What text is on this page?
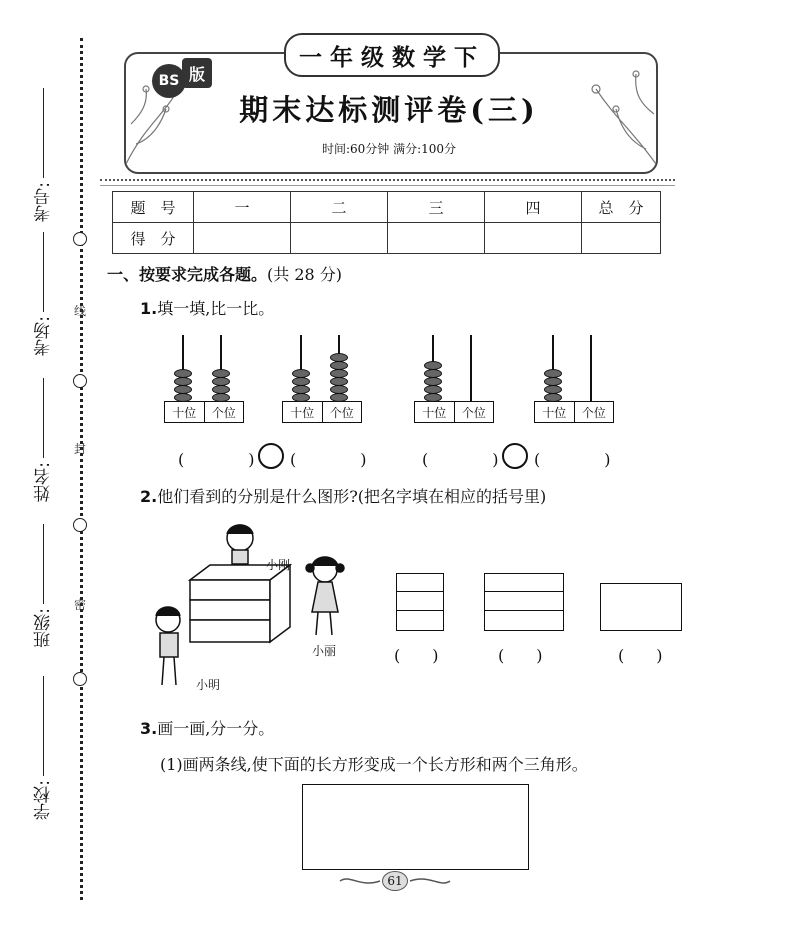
线
封
密
考号:
考场:
姓名:
班级:
学校:
一年级数学下
BS 版
期末达标测评卷(三)
时间:60分钟 满分:100分
题　号	一	二	三	四	总　分
得　分					
一、按要求完成各题。(共 28 分)
1.填一填,比一比。
十位	个位	十位	个位	十位	个位	十位	个位
(　　　　) (　　　　)	(　　　　) (　　　　)
2.他们看到的分别是什么图形?(把名字填在相应的括号里)
小刚
小丽
小明
(　　)	(　　)	(　　)
3.画一画,分一分。
(1)画两条线,使下面的长方形变成一个长方形和两个三角形。
61
